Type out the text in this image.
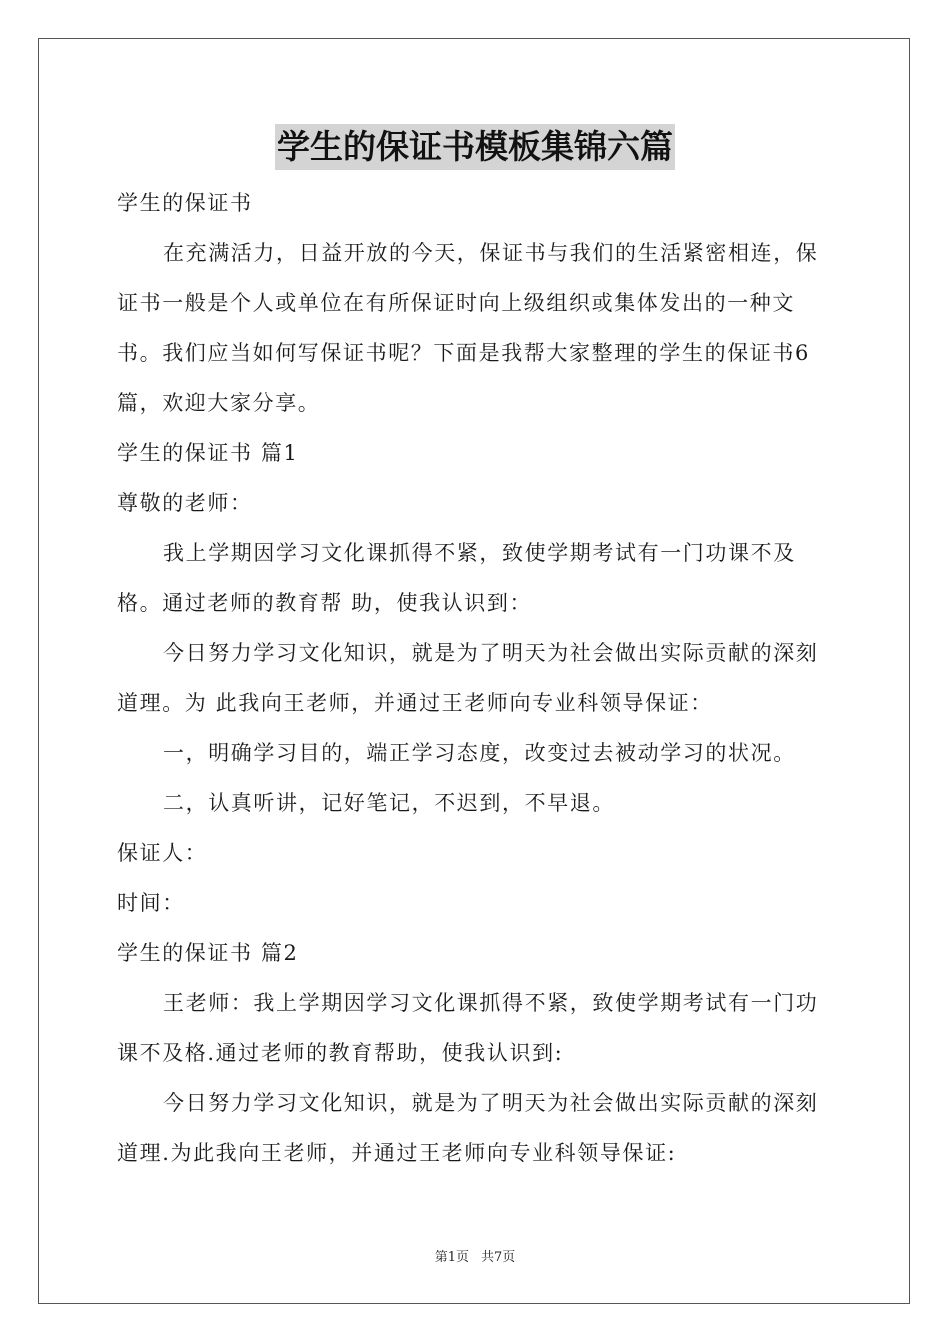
学生的保证书模板集锦六篇

学生的保证书

在充满活力，日益开放的今天，保证书与我们的生活紧密相连，保证书一般是个人或单位在有所保证时向上级组织或集体发出的一种文书。我们应当如何写保证书呢？下面是我帮大家整理的学生的保证书6篇，欢迎大家分享。

学生的保证书 篇1

尊敬的老师：

我上学期因学习文化课抓得不紧，致使学期考试有一门功课不及格。通过老师的教育帮 助，使我认识到：

今日努力学习文化知识，就是为了明天为社会做出实际贡献的深刻道理。为 此我向王老师，并通过王老师向专业科领导保证：

一，明确学习目的，端正学习态度，改变过去被动学习的状况。

二，认真听讲，记好笔记，不迟到，不早退。

保证人：

时间：

学生的保证书 篇2

王老师：我上学期因学习文化课抓得不紧，致使学期考试有一门功课不及格.通过老师的教育帮助，使我认识到:

今日努力学习文化知识，就是为了明天为社会做出实际贡献的深刻道理.为此我向王老师，并通过王老师向专业科领导保证:

第1页 共7页
